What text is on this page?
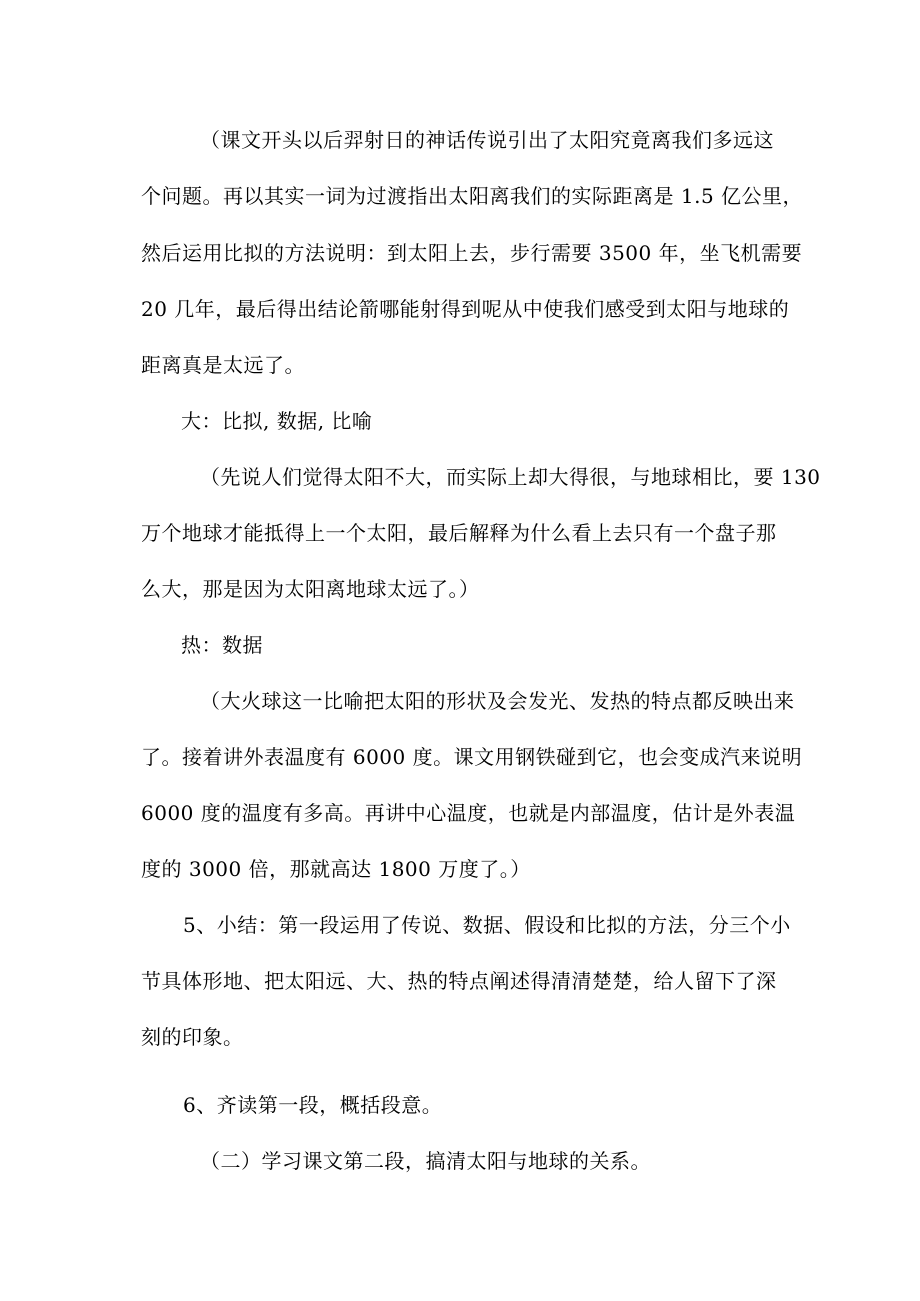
（课文开头以后羿射日的神话传说引出了太阳究竟离我们多远这
个问题。再以其实一词为过渡指出太阳离我们的实际距离是 1.5 亿公里，
然后运用比拟的方法说明：到太阳上去，步行需要 3500 年，坐飞机需要
20 几年，最后得出结论箭哪能射得到呢从中使我们感受到太阳与地球的
距离真是太远了。
大：比拟, 数据, 比喻
（先说人们觉得太阳不大，而实际上却大得很，与地球相比，要 130
万个地球才能抵得上一个太阳，最后解释为什么看上去只有一个盘子那
么大，那是因为太阳离地球太远了。）
热：数据
（大火球这一比喻把太阳的形状及会发光、发热的特点都反映出来
了。接着讲外表温度有 6000 度。课文用钢铁碰到它，也会变成汽来说明
6000 度的温度有多高。再讲中心温度，也就是内部温度，估计是外表温
度的 3000 倍，那就高达 1800 万度了。）
5、小结：第一段运用了传说、数据、假设和比拟的方法，分三个小
节具体形地、把太阳远、大、热的特点阐述得清清楚楚，给人留下了深
刻的印象。
6、齐读第一段，概括段意。
（二）学习课文第二段，搞清太阳与地球的关系。
